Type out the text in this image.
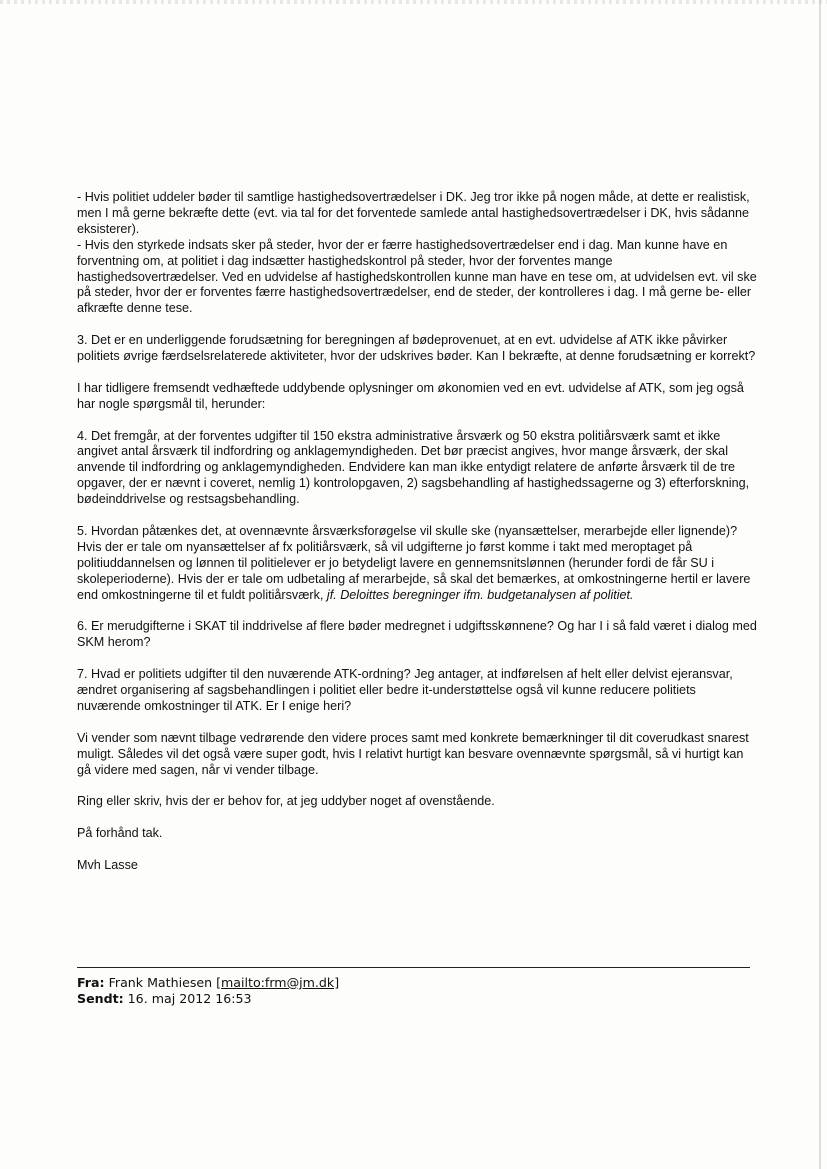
- Hvis politiet uddeler bøder til samtlige hastighedsovertrædelser i DK. Jeg tror ikke på nogen måde, at dette er realistisk, men I må gerne bekræfte dette (evt. via tal for det forventede samlede antal hastighedsovertrædelser i DK, hvis sådanne eksisterer).
- Hvis den styrkede indsats sker på steder, hvor der er færre hastighedsovertrædelser end i dag. Man kunne have en forventning om, at politiet i dag indsætter hastighedskontrol på steder, hvor der forventes mange hastighedsovertrædelser. Ved en udvidelse af hastighedskontrollen kunne man have en tese om, at udvidelsen evt. vil ske på steder, hvor der er forventes færre hastighedsovertrædelser, end de steder, der kontrolleres i dag. I må gerne be- eller afkræfte denne tese.

3. Det er en underliggende forudsætning for beregningen af bødeprovenuet, at en evt. udvidelse af ATK ikke påvirker politiets øvrige færdselsrelaterede aktiviteter, hvor der udskrives bøder. Kan I bekræfte, at denne forudsætning er korrekt?

I har tidligere fremsendt vedhæftede uddybende oplysninger om økonomien ved en evt. udvidelse af ATK, som jeg også har nogle spørgsmål til, herunder:

4. Det fremgår, at der forventes udgifter til 150 ekstra administrative årsværk og 50 ekstra politiårsværk samt et ikke angivet antal årsværk til indfordring og anklagemyndigheden. Det bør præcist angives, hvor mange årsværk, der skal anvende til indfordring og anklagemyndigheden. Endvidere kan man ikke entydigt relatere de anførte årsværk til de tre opgaver, der er nævnt i coveret, nemlig 1) kontrolopgaven, 2) sagsbehandling af hastighedssagerne og 3) efterforskning, bødeinddrivelse og restsagsbehandling.

5. Hvordan påtænkes det, at ovennævnte årsværksforøgelse vil skulle ske (nyansættelser, merarbejde eller lignende)? Hvis der er tale om nyansættelser af fx politiårsværk, så vil udgifterne jo først komme i takt med meroptaget på politiuddannelsen og lønnen til politielever er jo betydeligt lavere en gennemsnitslønnen (herunder fordi de får SU i skoleperioderne). Hvis der er tale om udbetaling af merarbejde, så skal det bemærkes, at omkostningerne hertil er lavere end omkostningerne til et fuldt politiårsværk, jf. Deloittes beregninger ifm. budgetanalysen af politiet.

6. Er merudgifterne i SKAT til inddrivelse af flere bøder medregnet i udgiftsskønnene? Og har I i så fald været i dialog med SKM herom?

7. Hvad er politiets udgifter til den nuværende ATK-ordning? Jeg antager, at indførelsen af helt eller delvist ejeransvar, ændret organisering af sagsbehandlingen i politiet eller bedre it-understøttelse også vil kunne reducere politiets nuværende omkostninger til ATK. Er I enige heri?

Vi vender som nævnt tilbage vedrørende den videre proces samt med konkrete bemærkninger til dit coverudkast snarest muligt. Således vil det også være super godt, hvis I relativt hurtigt kan besvare ovennævnte spørgsmål, så vi hurtigt kan gå videre med sagen, når vi vender tilbage.

Ring eller skriv, hvis der er behov for, at jeg uddyber noget af ovenstående.

På forhånd tak.

Mvh Lasse

Fra: Frank Mathiesen [mailto:frm@jm.dk]
Sendt: 16. maj 2012 16:53
